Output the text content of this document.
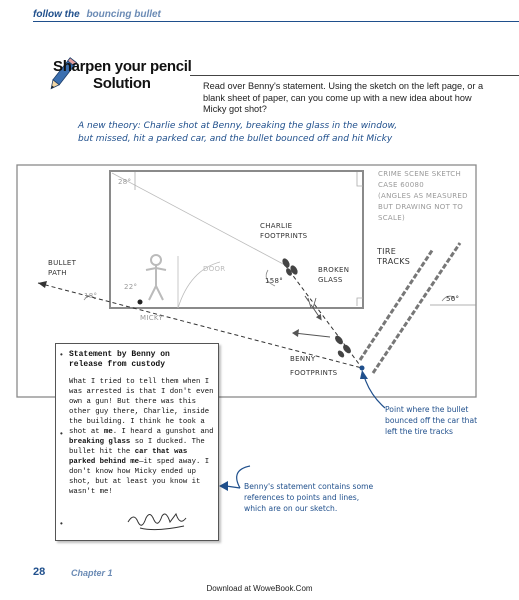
follow the bouncing bullet
Sharpen your pencil
Solution	Read over Benny's statement. Using the sketch on the left page, or a blank sheet of paper, can you come up with a new idea about how Micky got shot?
A new theory: Charlie shot at Benny, breaking the glass in the window, but missed, hit a parked car, and the bullet bounced off and hit Micky
CRIME SCENE SKETCH
CASE 60080
(ANGLES AS MEASURED
BUT DRAWING NOT TO
SCALE)
28°
18°
22°
158°
56°
CHARLIE
FOOTPRINTS
BROKEN
GLASS
TIRE
TRACKS
BULLET
PATH	DOOR
MICKY
BENNY
FOOTPRINTS
•
•
•
Statement by Benny on
release from custody
What I tried to tell them when I was arrested is that I don't even own a gun! But there was this other guy there, Charlie, inside the building. I think he took a shot at me. I heard a gunshot and breaking glass so I ducked. The bullet hit the car that was parked behind me—it sped away. I don't know how Micky ended up shot, but at least you know it wasn't me!
Point where the bullet
bounced off the car that
left the tire tracks
Benny's statement contains some
references to points and lines,
which are on our sketch.
28	Chapter 1
Download at WoweBook.Com
